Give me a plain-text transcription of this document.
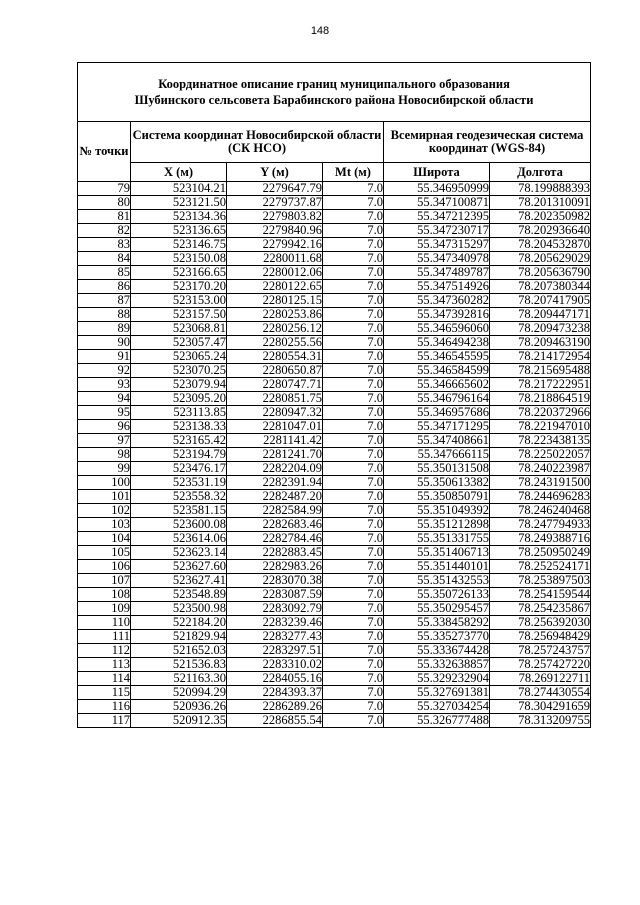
148
Координатное описание границ муниципального образования
Шубинского сельсовета Барабинского района Новосибирской области					

№ точки	Система координат Новосибирской области (СК НСО)			Всемирная геодезическая система координат (WGS-84)	
	X (м)	Y (м)	Mt (м)	Широта	Долгота
79	523104.21	2279647.79	7.0	55.346950999	78.199888393
80	523121.50	2279737.87	7.0	55.347100871	78.201310091
81	523134.36	2279803.82	7.0	55.347212395	78.202350982
82	523136.65	2279840.96	7.0	55.347230717	78.202936640
83	523146.75	2279942.16	7.0	55.347315297	78.204532870
84	523150.08	2280011.68	7.0	55.347340978	78.205629029
85	523166.65	2280012.06	7.0	55.347489787	78.205636790
86	523170.20	2280122.65	7.0	55.347514926	78.207380344
87	523153.00	2280125.15	7.0	55.347360282	78.207417905
88	523157.50	2280253.86	7.0	55.347392816	78.209447171
89	523068.81	2280256.12	7.0	55.346596060	78.209473238
90	523057.47	2280255.56	7.0	55.346494238	78.209463190
91	523065.24	2280554.31	7.0	55.346545595	78.214172954
92	523070.25	2280650.87	7.0	55.346584599	78.215695488
93	523079.94	2280747.71	7.0	55.346665602	78.217222951
94	523095.20	2280851.75	7.0	55.346796164	78.218864519
95	523113.85	2280947.32	7.0	55.346957686	78.220372966
96	523138.33	2281047.01	7.0	55.347171295	78.221947010
97	523165.42	2281141.42	7.0	55.347408661	78.223438135
98	523194.79	2281241.70	7.0	55.347666115	78.225022057
99	523476.17	2282204.09	7.0	55.350131508	78.240223987
100	523531.19	2282391.94	7.0	55.350613382	78.243191500
101	523558.32	2282487.20	7.0	55.350850791	78.244696283
102	523581.15	2282584.99	7.0	55.351049392	78.246240468
103	523600.08	2282683.46	7.0	55.351212898	78.247794933
104	523614.06	2282784.46	7.0	55.351331755	78.249388716
105	523623.14	2282883.45	7.0	55.351406713	78.250950249
106	523627.60	2282983.26	7.0	55.351440101	78.252524171
107	523627.41	2283070.38	7.0	55.351432553	78.253897503
108	523548.89	2283087.59	7.0	55.350726133	78.254159544
109	523500.98	2283092.79	7.0	55.350295457	78.254235867
110	522184.20	2283239.46	7.0	55.338458292	78.256392030
111	521829.94	2283277.43	7.0	55.335273770	78.256948429
112	521652.03	2283297.51	7.0	55.333674428	78.257243757
113	521536.83	2283310.02	7.0	55.332638857	78.257427220
114	521163.30	2284055.16	7.0	55.329232904	78.269122711
115	520994.29	2284393.37	7.0	55.327691381	78.274430554
116	520936.26	2286289.26	7.0	55.327034254	78.304291659
117	520912.35	2286855.54	7.0	55.326777488	78.313209755
